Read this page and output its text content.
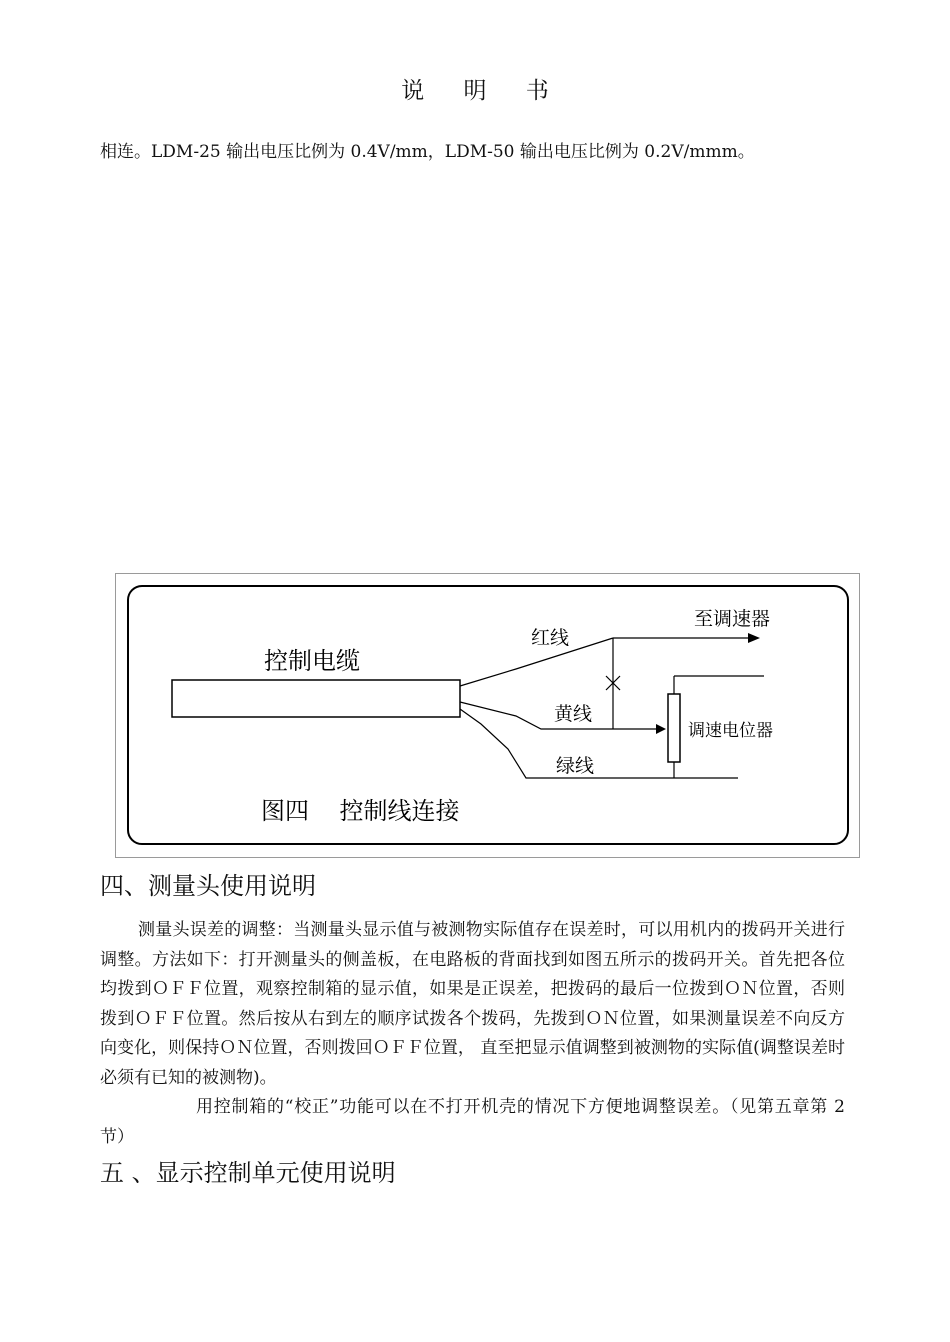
说 明 书
相连。LDM-25 输出电压比例为 0.4V/mm，LDM-50 输出电压比例为 0.2V/mmm。
控制电缆
红线
至调速器
黄线
调速电位器
绿线
图四    控制线连接
四、测量头使用说明

测量头误差的调整：当测量头显示值与被测物实际值存在误差时，可以用机内的拨码开关进行调整。方法如下：打开测量头的侧盖板，在电路板的背面找到如图五所示的拨码开关。首先把各位均拨到ＯＦＦ位置，观察控制箱的显示值，如果是正误差，把拨码的最后一位拨到ＯＮ位置，否则拨到ＯＦＦ位置。然后按从右到左的顺序试拨各个拨码，先拨到ＯＮ位置，如果测量误差不向反方向变化，则保持ＯＮ位置，否则拨回ＯＦＦ位置， 直至把显示值调整到被测物的实际值(调整误差时必须有已知的被测物)。

用控制箱的“校正”功能可以在不打开机壳的情况下方便地调整误差。（见第五章第 2 节）

五 、显示控制单元使用说明
